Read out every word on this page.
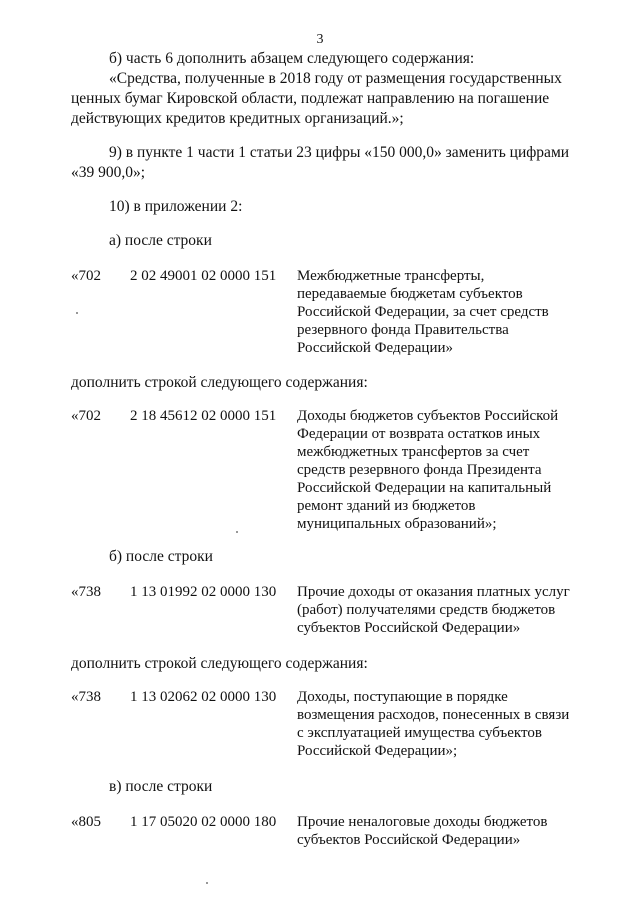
3
б) часть 6 дополнить абзацем следующего содержания:
«Средства, полученные в 2018 году от размещения государственных
ценных бумаг Кировской области, подлежат направлению на погашение
действующих кредитов кредитных организаций.»;
9) в пункте 1 части 1 статьи 23 цифры «150 000,0» заменить цифрами
«39 900,0»;
10) в приложении 2:
а) после строки
«702 2 02 49001 02 0000 151 Межбюджетные трансферты,
передаваемые бюджетам субъектов
Российской Федерации, за счет средств
резервного фонда Правительства
Российской Федерации»
дополнить строкой следующего содержания:
«702 2 18 45612 02 0000 151 Доходы бюджетов субъектов Российской
Федерации от возврата остатков иных
межбюджетных трансфертов за счет
средств резервного фонда Президента
Российской Федерации на капитальный
ремонт зданий из бюджетов
муниципальных образований»;
б) после строки
«738 1 13 01992 02 0000 130 Прочие доходы от оказания платных услуг
(работ) получателями средств бюджетов
субъектов Российской Федерации»
дополнить строкой следующего содержания:
«738 1 13 02062 02 0000 130 Доходы, поступающие в порядке
возмещения расходов, понесенных в связи
с эксплуатацией имущества субъектов
Российской Федерации»;
в) после строки
«805 1 17 05020 02 0000 180 Прочие неналоговые доходы бюджетов
субъектов Российской Федерации»
